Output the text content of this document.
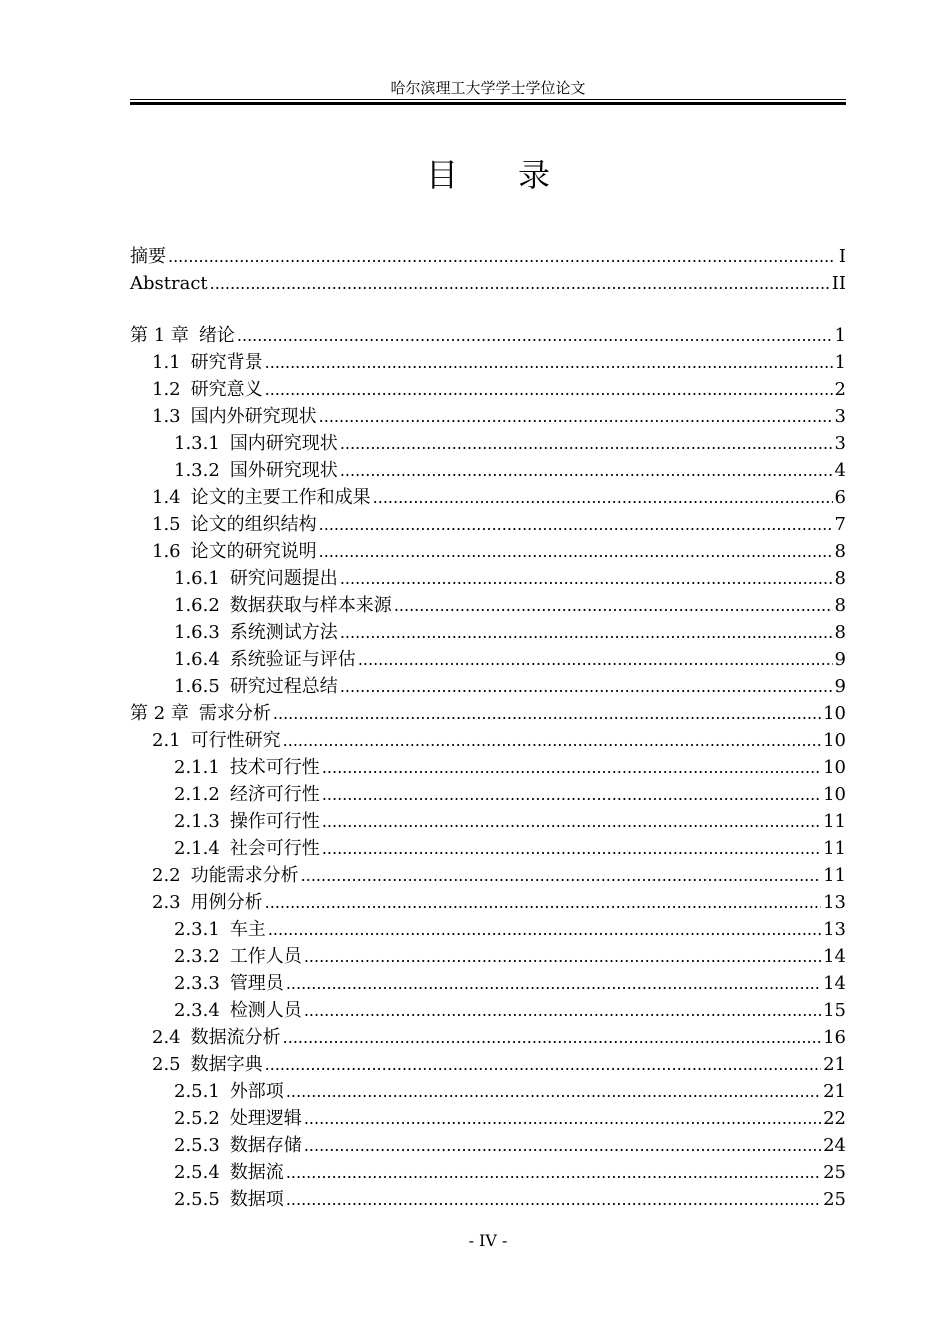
哈尔滨理工大学学士学位论文
目 录
摘要 .....	I
Abstract .....	II
第 1 章 绪论 .....	1
1.1 研究背景 .....	1
1.2 研究意义 .....	2
1.3 国内外研究现状 .....	3
1.3.1 国内研究现状 .....	3
1.3.2 国外研究现状 .....	4
1.4 论文的主要工作和成果 .....	6
1.5 论文的组织结构 .....	7
1.6 论文的研究说明 .....	8
1.6.1 研究问题提出 .....	8
1.6.2 数据获取与样本来源 .....	8
1.6.3 系统测试方法 .....	8
1.6.4 系统验证与评估 .....	9
1.6.5 研究过程总结 .....	9
第 2 章 需求分析 .....	10
2.1 可行性研究 .....	10
2.1.1 技术可行性 .....	10
2.1.2 经济可行性 .....	10
2.1.3 操作可行性 .....	11
2.1.4 社会可行性 .....	11
2.2 功能需求分析 .....	11
2.3 用例分析 .....	13
2.3.1 车主 .....	13
2.3.2 工作人员 .....	14
2.3.3 管理员 .....	14
2.3.4 检测人员 .....	15
2.4 数据流分析 .....	16
2.5 数据字典 .....	21
2.5.1 外部项 .....	21
2.5.2 处理逻辑 .....	22
2.5.3 数据存储 .....	24
2.5.4 数据流 .....	25
2.5.5 数据项 .....	25
- IV -
